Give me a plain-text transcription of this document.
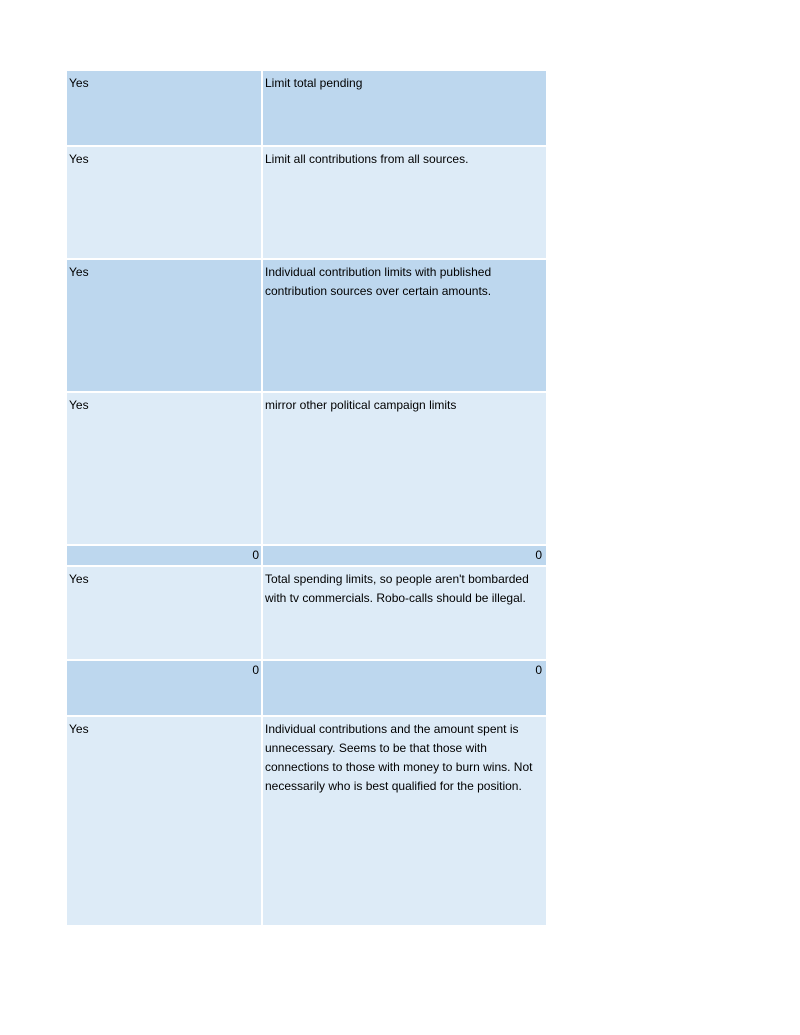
Yes	Limit total pending
Yes	Limit all contributions from all sources.
Yes	Individual contribution limits with published contribution sources over certain amounts.
Yes	mirror other political campaign limits
0	0
Yes	Total spending limits, so people aren't bombarded with tv commercials. Robo-calls should be illegal.
0	0
Yes	Individual contributions and the amount spent is unnecessary. Seems to be that those with connections to those with money to burn wins. Not necessarily who is best qualified for the position.
